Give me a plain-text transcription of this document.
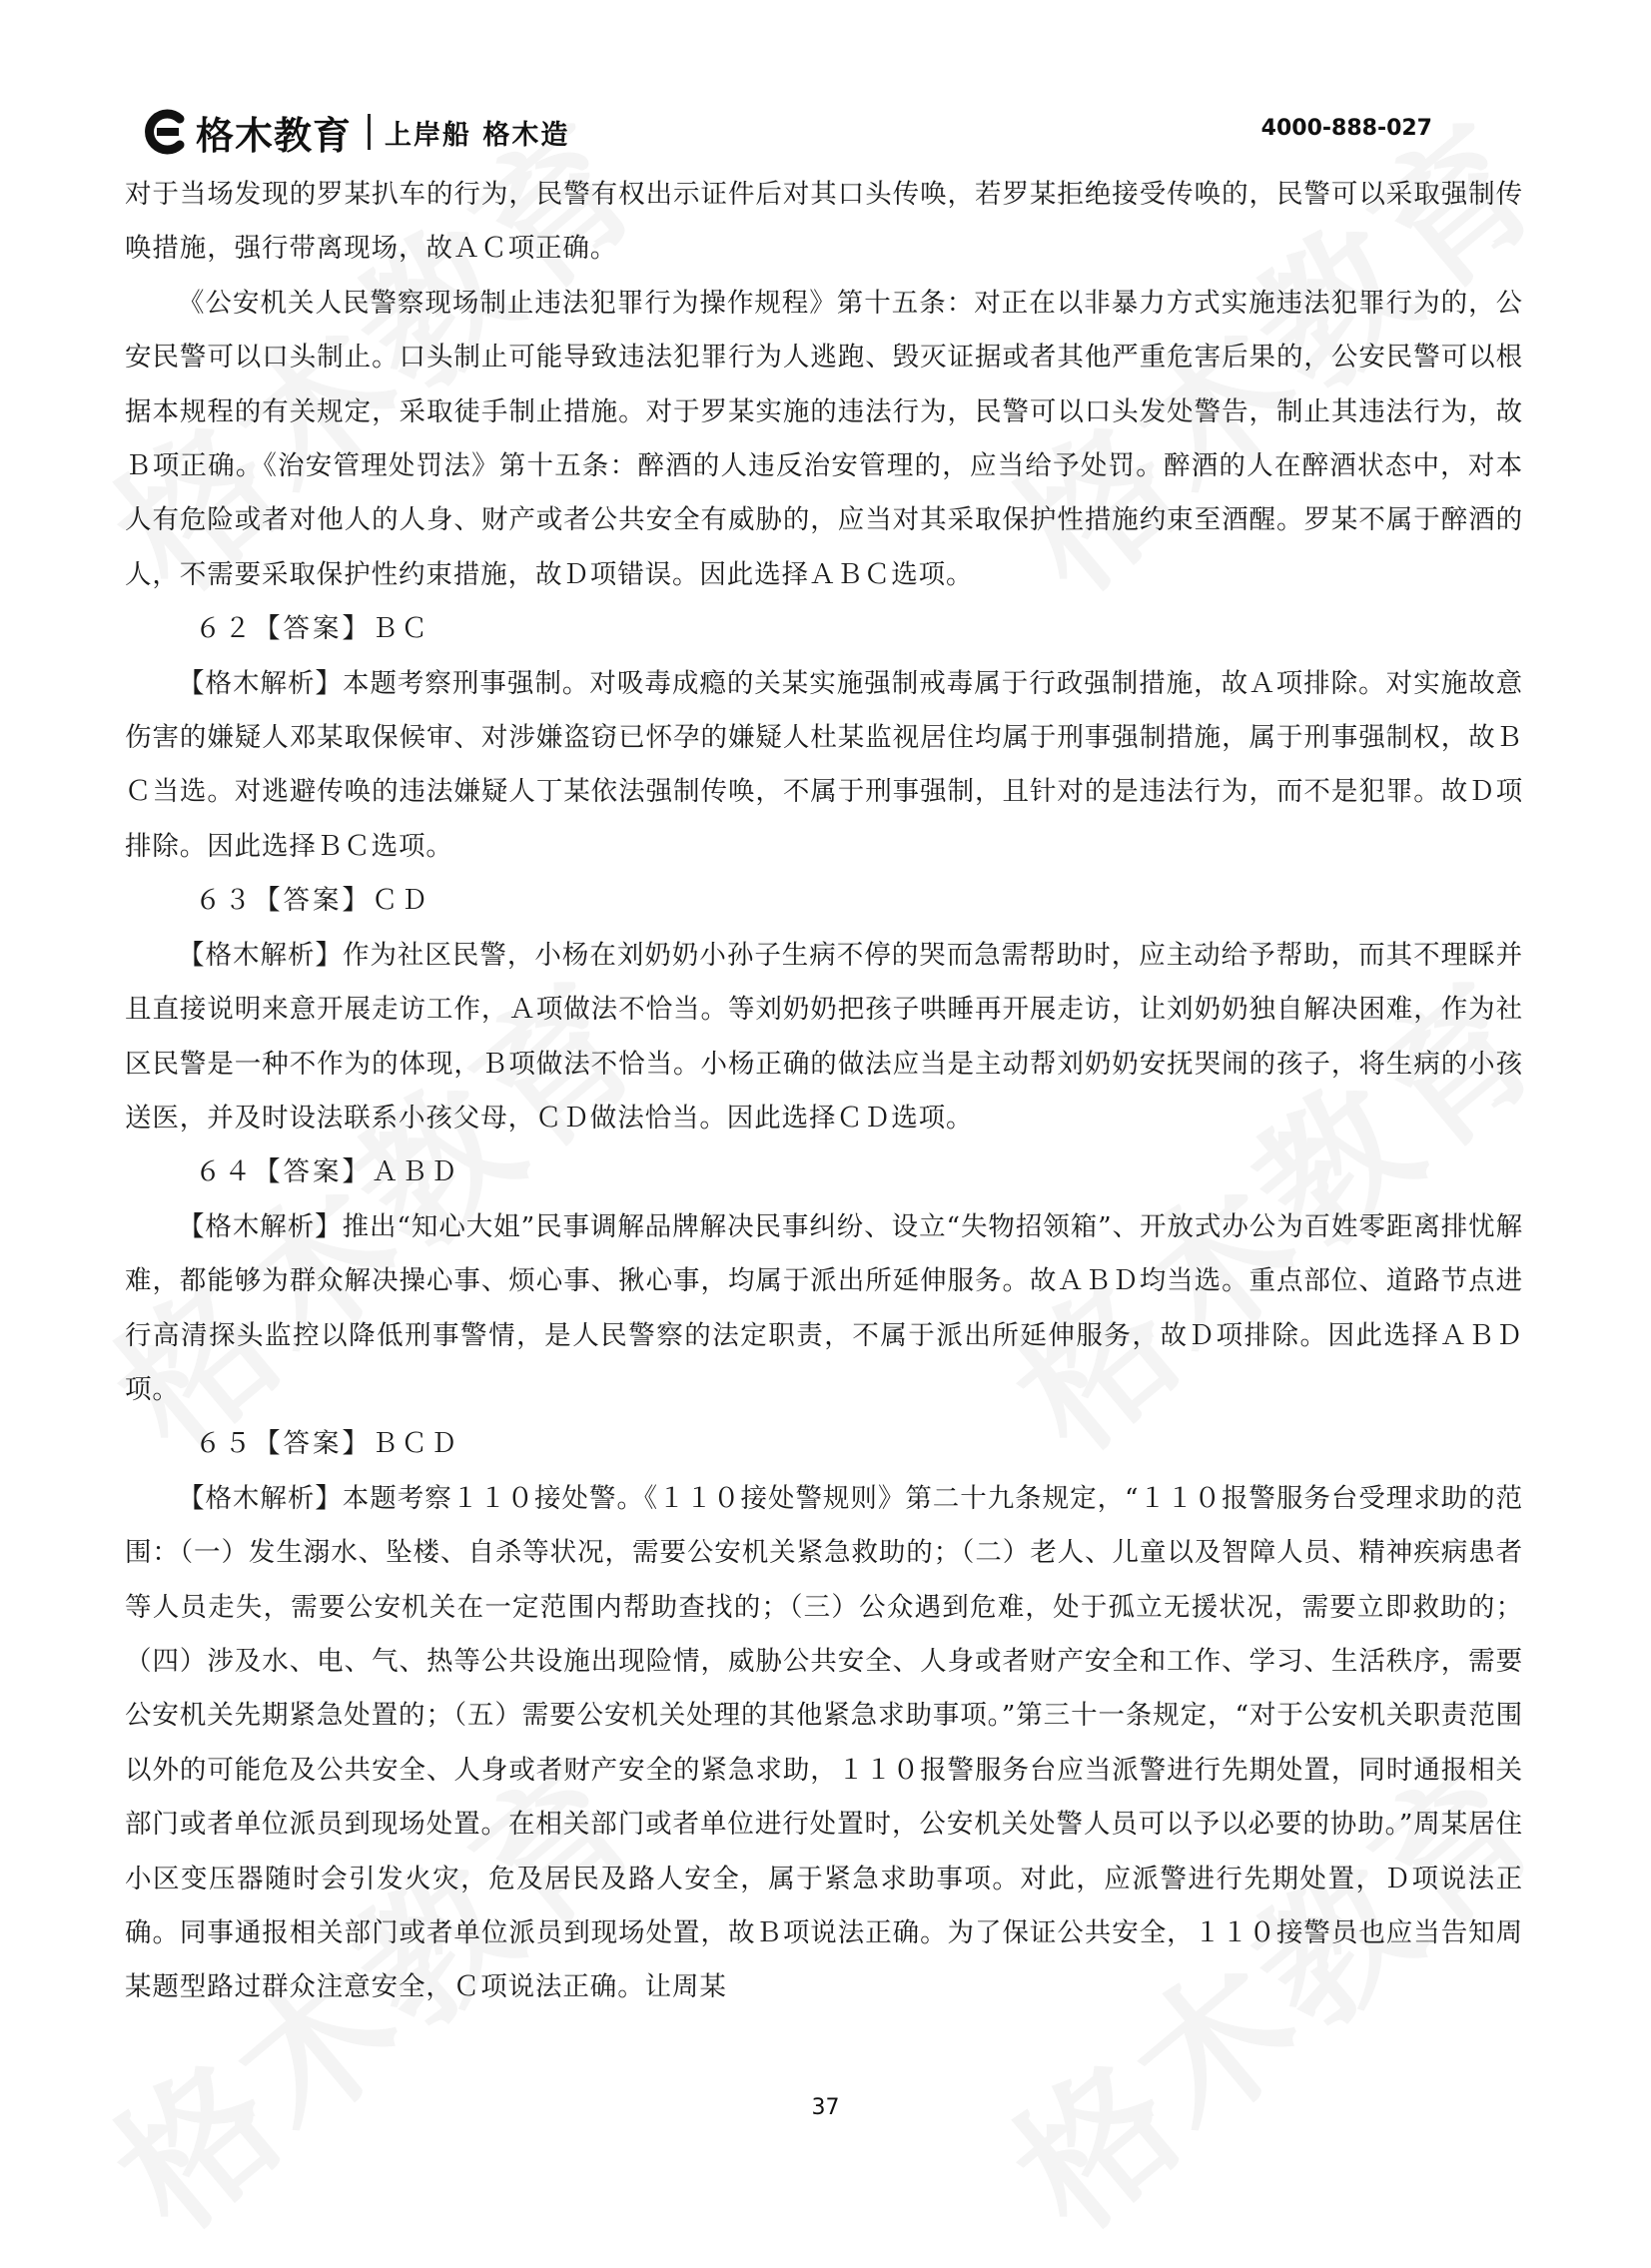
格木教育 上岸船 格木造	4000-888-027

对于当场发现的罗某扒车的行为，民警有权出示证件后对其口头传唤，若罗某拒绝接受传唤的，民警可以采取强制传唤措施，强行带离现场，故ＡＣ项正确。

《公安机关人民警察现场制止违法犯罪行为操作规程》第十五条：对正在以非暴力方式实施违法犯罪行为的，公安民警可以口头制止。口头制止可能导致违法犯罪行为人逃跑、毁灭证据或者其他严重危害后果的，公安民警可以根据本规程的有关规定，采取徒手制止措施。对于罗某实施的违法行为，民警可以口头发处警告，制止其违法行为，故Ｂ项正确。《治安管理处罚法》第十五条：醉酒的人违反治安管理的，应当给予处罚。醉酒的人在醉酒状态中，对本人有危险或者对他人的人身、财产或者公共安全有威胁的，应当对其采取保护性措施约束至酒醒。罗某不属于醉酒的人，不需要采取保护性约束措施，故Ｄ项错误。因此选择ＡＢＣ选项。

６２【答案】ＢＣ

【格木解析】本题考察刑事强制。对吸毒成瘾的关某实施强制戒毒属于行政强制措施，故Ａ项排除。对实施故意伤害的嫌疑人邓某取保候审、对涉嫌盗窃已怀孕的嫌疑人杜某监视居住均属于刑事强制措施，属于刑事强制权，故ＢＣ当选。对逃避传唤的违法嫌疑人丁某依法强制传唤，不属于刑事强制，且针对的是违法行为，而不是犯罪。故Ｄ项排除。因此选择ＢＣ选项。

６３【答案】ＣＤ

【格木解析】作为社区民警，小杨在刘奶奶小孙子生病不停的哭而急需帮助时，应主动给予帮助，而其不理睬并且直接说明来意开展走访工作，Ａ项做法不恰当。等刘奶奶把孩子哄睡再开展走访，让刘奶奶独自解决困难，作为社区民警是一种不作为的体现，Ｂ项做法不恰当。小杨正确的做法应当是主动帮刘奶奶安抚哭闹的孩子，将生病的小孩送医，并及时设法联系小孩父母，ＣＤ做法恰当。因此选择ＣＤ选项。

６４【答案】ＡＢＤ

【格木解析】推出“知心大姐”民事调解品牌解决民事纠纷、设立“失物招领箱”、开放式办公为百姓零距离排忧解难，都能够为群众解决操心事、烦心事、揪心事，均属于派出所延伸服务。故ＡＢＤ均当选。重点部位、道路节点进行高清探头监控以降低刑事警情，是人民警察的法定职责，不属于派出所延伸服务，故Ｄ项排除。因此选择ＡＢＤ项。

６５【答案】ＢＣＤ

【格木解析】本题考察１１０接处警。《１１０接处警规则》第二十九条规定，“１１０报警服务台受理求助的范围：（一）发生溺水、坠楼、自杀等状况，需要公安机关紧急救助的；（二）老人、儿童以及智障人员、精神疾病患者等人员走失，需要公安机关在一定范围内帮助查找的；（三）公众遇到危难，处于孤立无援状况，需要立即救助的；（四）涉及水、电、气、热等公共设施出现险情，威胁公共安全、人身或者财产安全和工作、学习、生活秩序，需要公安机关先期紧急处置的；（五）需要公安机关处理的其他紧急求助事项。”第三十一条规定，“对于公安机关职责范围以外的可能危及公共安全、人身或者财产安全的紧急求助，１１０报警服务台应当派警进行先期处置，同时通报相关部门或者单位派员到现场处置。在相关部门或者单位进行处置时，公安机关处警人员可以予以必要的协助。”周某居住小区变压器随时会引发火灾，危及居民及路人安全，属于紧急求助事项。对此，应派警进行先期处置，Ｄ项说法正确。同事通报相关部门或者单位派员到现场处置，故Ｂ项说法正确。为了保证公共安全，１１０接警员也应当告知周某题型路过群众注意安全，Ｃ项说法正确。让周某

37
